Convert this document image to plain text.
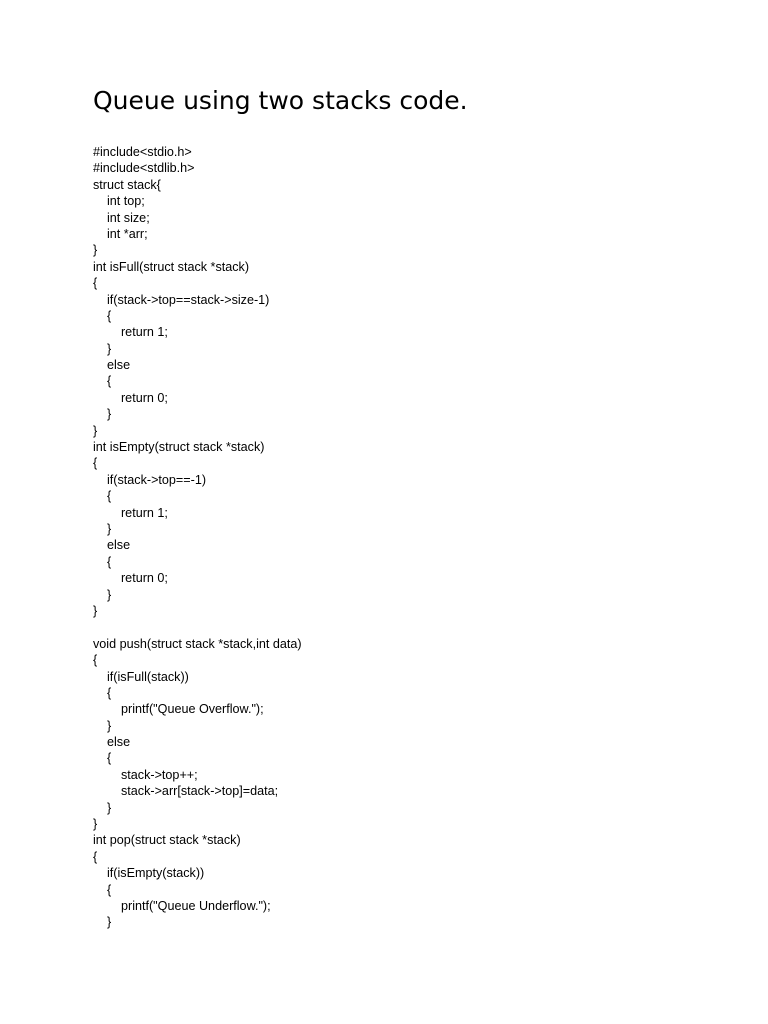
Queue using two stacks code.
#include<stdio.h>
#include<stdlib.h>
struct stack{
int top;
int size;
int *arr;
}
int isFull(struct stack *stack)
{
if(stack->top==stack->size-1)
{
return 1;
}
else
{
return 0;
}
}
int isEmpty(struct stack *stack)
{
if(stack->top==-1)
{
return 1;
}
else
{
return 0;
}
}
void push(struct stack *stack,int data)
{
if(isFull(stack))
{
printf("Queue Overflow.");
}
else
{
stack->top++;
stack->arr[stack->top]=data;
}
}
int pop(struct stack *stack)
{
if(isEmpty(stack))
{
printf("Queue Underflow.");
}
